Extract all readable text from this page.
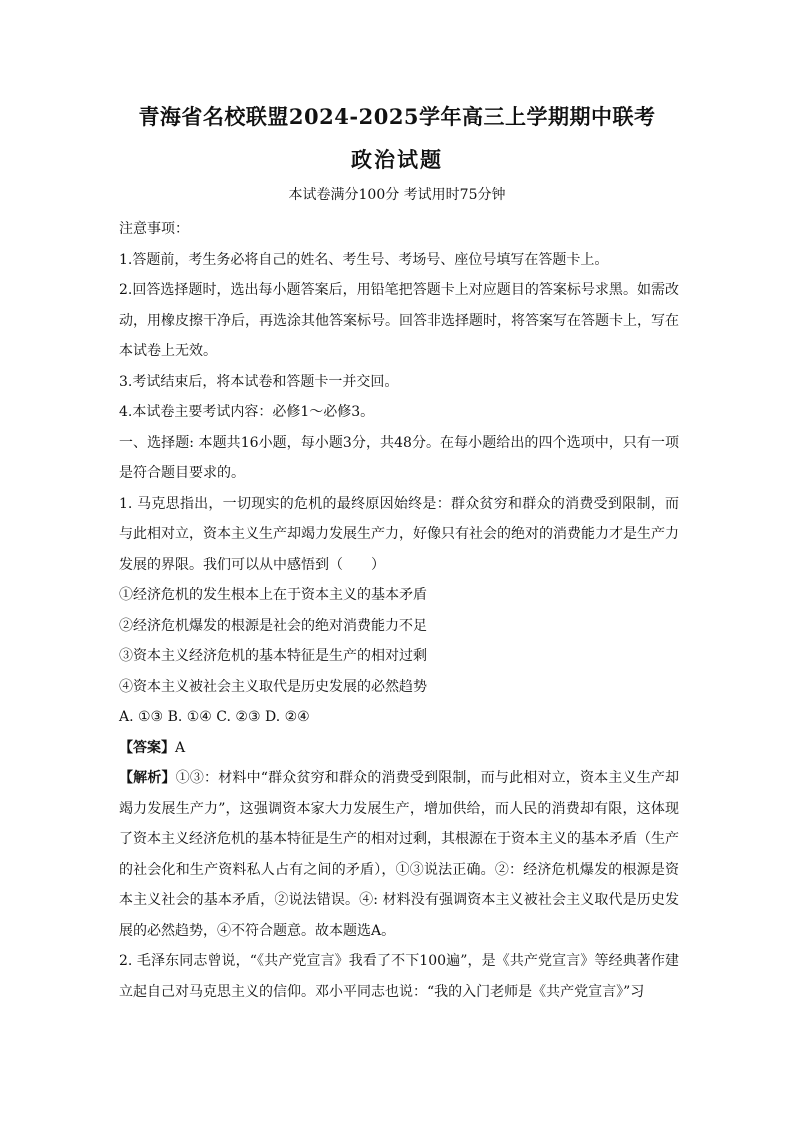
青海省名校联盟2024-2025学年高三上学期期中联考
政治试题
本试卷满分100分 考试用时75分钟

注意事项：

1.答题前，考生务必将自己的姓名、考生号、考场号、座位号填写在答题卡上。

2.回答选择题时，选出每小题答案后，用铅笔把答题卡上对应题目的答案标号求黑。如需改动，用橡皮擦干净后，再选涂其他答案标号。回答非选择题时，将答案写在答题卡上，写在本试卷上无效。

3.考试结束后，将本试卷和答题卡一并交回。

4.本试卷主要考试内容：必修1～必修3。

一、选择题: 本题共16小题，每小题3分，共48分。在每小题给出的四个选项中，只有一项是符合题目要求的。

1. 马克思指出，一切现实的危机的最终原因始终是：群众贫穷和群众的消费受到限制，而与此相对立，资本主义生产却竭力发展生产力，好像只有社会的绝对的消费能力才是生产力发展的界限。我们可以从中感悟到（　　）

①经济危机的发生根本上在于资本主义的基本矛盾

②经济危机爆发的根源是社会的绝对消费能力不足

③资本主义经济危机的基本特征是生产的相对过剩

④资本主义被社会主义取代是历史发展的必然趋势

A. ①③ B. ①④ C. ②③ D. ②④

【答案】A

【解析】①③：材料中“群众贫穷和群众的消费受到限制，而与此相对立，资本主义生产却竭力发展生产力”，这强调资本家大力发展生产，增加供给，而人民的消费却有限，这体现了资本主义经济危机的基本特征是生产的相对过剩，其根源在于资本主义的基本矛盾（生产的社会化和生产资料私人占有之间的矛盾），①③说法正确。②：经济危机爆发的根源是资本主义社会的基本矛盾，②说法错误。④: 材料没有强调资本主义被社会主义取代是历史发展的必然趋势，④不符合题意。故本题选A。

2. 毛泽东同志曾说，“《共产党宣言》我看了不下100遍”，是《共产党宣言》等经典著作建立起自己对马克思主义的信仰。邓小平同志也说：“我的入门老师是《共产党宣言》”习
